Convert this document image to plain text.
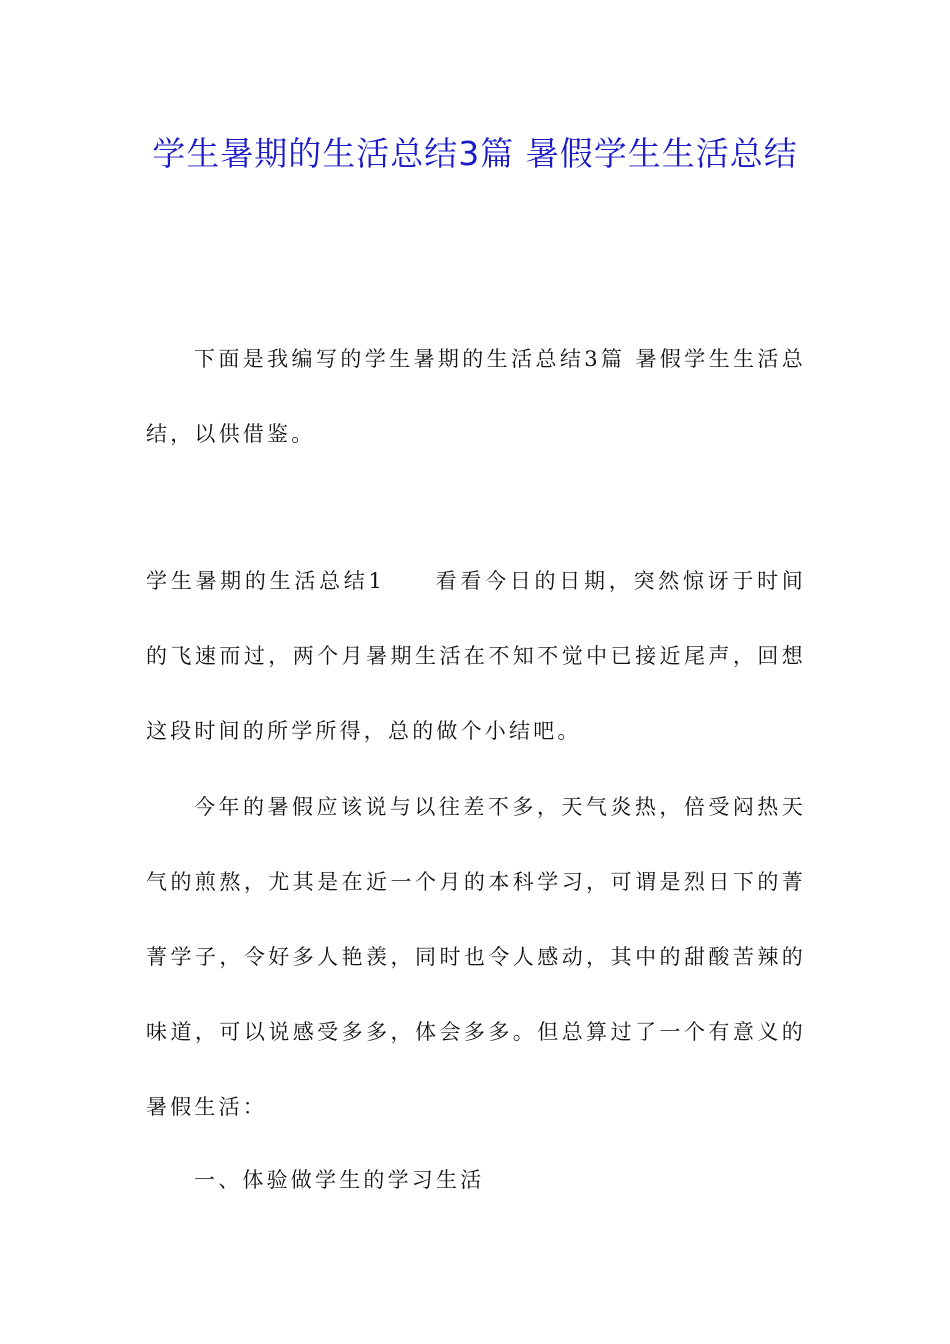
学生暑期的生活总结3篇 暑假学生生活总结

下面是我编写的学生暑期的生活总结3篇 暑假学生生活总结，以供借鉴。

学生暑期的生活总结1 看看今日的日期，突然惊讶于时间的飞速而过，两个月暑期生活在不知不觉中已接近尾声，回想这段时间的所学所得，总的做个小结吧。

今年的暑假应该说与以往差不多，天气炎热，倍受闷热天气的煎熬，尤其是在近一个月的本科学习，可谓是烈日下的菁菁学子，令好多人艳羡，同时也令人感动，其中的甜酸苦辣的味道，可以说感受多多，体会多多。但总算过了一个有意义的暑假生活：

一、体验做学生的学习生活
